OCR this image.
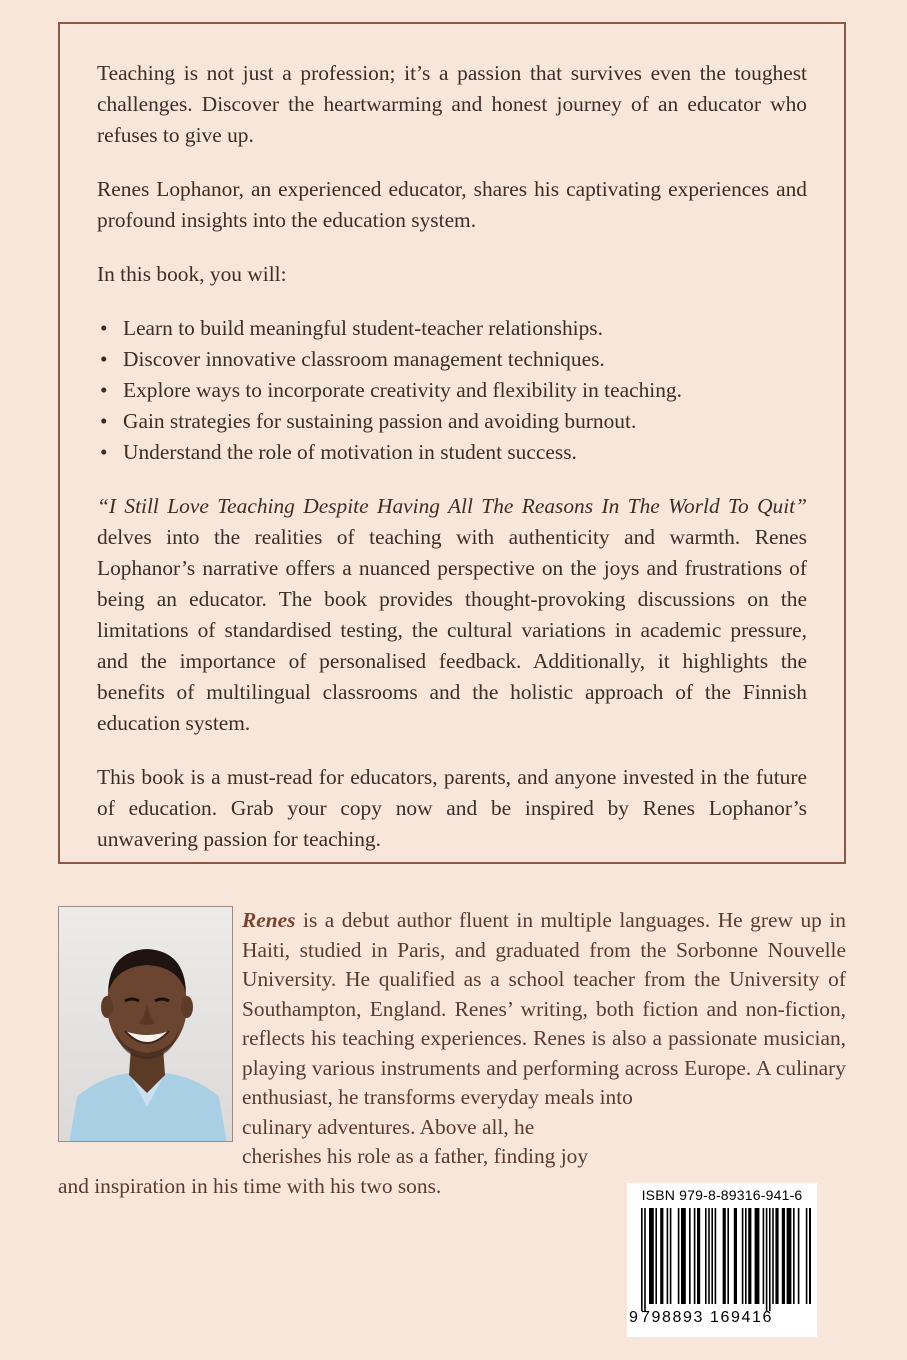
Teaching is not just a profession; it’s a passion that survives even the toughest challenges. Discover the heartwarming and honest journey of an educator who refuses to give up.

Renes Lophanor, an experienced educator, shares his captivating experiences and profound insights into the education system.

In this book, you will:

• Learn to build meaningful student-teacher relationships.
• Discover innovative classroom management techniques.
• Explore ways to incorporate creativity and flexibility in teaching.
• Gain strategies for sustaining passion and avoiding burnout.
• Understand the role of motivation in student success.

“I Still Love Teaching Despite Having All The Reasons In The World To Quit” delves into the realities of teaching with authenticity and warmth. Renes Lophanor’s narrative offers a nuanced perspective on the joys and frustrations of being an educator. The book provides thought-provoking discussions on the limitations of standardised testing, the cultural variations in academic pressure, and the importance of personalised feedback. Additionally, it highlights the benefits of multilingual classrooms and the holistic approach of the Finnish education system.

This book is a must-read for educators, parents, and anyone invested in the future of education. Grab your copy now and be inspired by Renes Lophanor’s unwavering passion for teaching.

Renes is a debut author fluent in multiple languages. He grew up in Haiti, studied in Paris, and graduated from the Sorbonne Nouvelle University. He qualified as a school teacher from the University of Southampton, England. Renes’ writing, both fiction and non-fiction, reflects his teaching experiences. Renes is also a passionate musician, playing various instruments and performing across Europe. A culinary enthusiast, he transforms everyday meals into

culinary adventures. Above all, he cherishes his role as a father, finding joy and inspiration in his time with his two sons.	ISBN 979-8-89316-941-6
9798893 169416
